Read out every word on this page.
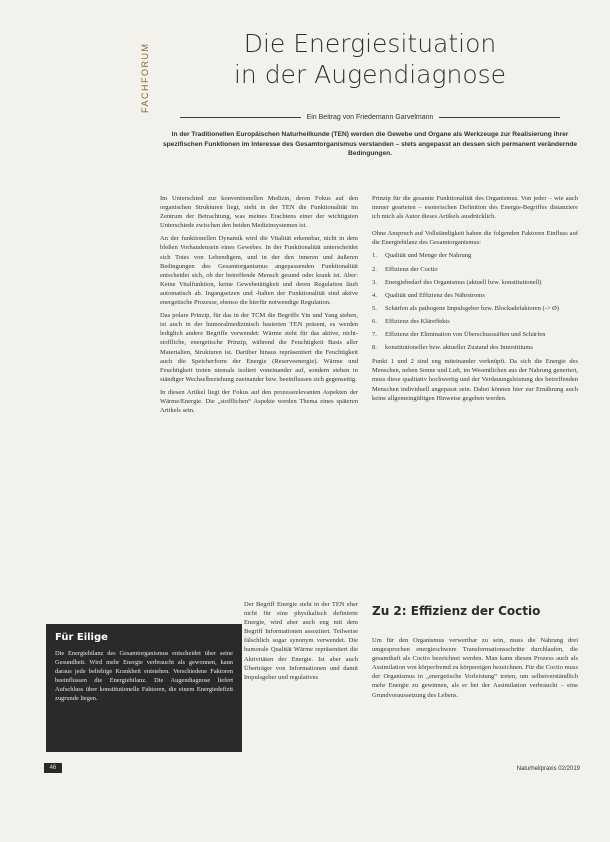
FACHFORUM	Die Energiesituation
in der Augendiagnose
Ein Beitrag von Friedemann Garvelmann
In der Traditionellen Europäischen Naturheilkunde (TEN) werden die Gewebe und Organe als Werkzeuge zur Realisierung ihrer spezifischen Funktionen im Interesse des Gesamtorganismus verstanden – stets angepasst an dessen sich permanent verändernde Bedingungen.

Im Unterschied zur konventionellen Medizin, deren Fokus auf den organischen Strukturen liegt, steht in der TEN die Funktionalität im Zentrum der Betrachtung, was meines Erachtens einer der wichtigsten Unterschiede zwischen den beiden Medizinsystemen ist.

An der funktionellen Dynamik wird die Vitalität erkennbar, nicht in dem bloßen Vorhandensein eines Gewebes. In der Funktionalität unterscheidet sich Totes von Lebendigem, und in der den inneren und äußeren Bedingungen des Gesamtorganismus angepassenden Funktionalität entscheidet sich, ob der betreffende Mensch gesund oder krank ist. Aber: Keine Vitalfunktion, keine Gewebetätigkeit und deren Regulation läuft automatisch ab. Ingangsetzen und -halten der Funktionalität sind aktive energetische Prozesse, ebenso die hierfür notwendige Regulation.

Das polare Prinzip, für das in der TCM die Begriffe Yin und Yang stehen, ist auch in der humoralmedizinisch basierten TEN präsent, es werden lediglich andere Begriffe verwendet: Wärme steht für das aktive, nicht-stoffliche, energetische Prinzip, während die Feuchtigkeit Basis aller Materialien, Strukturen ist. Darüber hinaus repräsentiert die Feuchtigkeit auch die Speicherform der Energie (Reserveenergie). Wärme und Feuchtigkeit treten niemals isoliert voneinander auf, sondern stehen in ständiger Wechselbeziehung zueinander bzw. beeinflussen sich gegenseitig.

In diesen Artikel liegt der Fokus auf den prozessrelevanten Aspekten der Wärme/Energie. Die „stofflichen“ Aspekte werden Thema eines späteren Artikels sein.

Der Begriff Energie steht in der TEN eher nicht für eine physikalisch definierte Energie, wird aber auch eng mit dem Begriff Informationen assoziiert. Teilweise fälschlich sogar synonym verwendet. Die humorale Qualität Wärme repräsentiert die Aktivitäten der Energie. Ist aber auch Überträger von Informationen und damit Impulsgeber und regulatives

Prinzip für die gesamte Funktionalität des Organismus. Von jeder – wie auch immer gearteten – esoterischen Definition des Energie-Begriffes distanziere ich mich als Autor dieses Artikels ausdrücklich.

Ohne Anspruch auf Vollständigkeit haben die folgenden Faktoren Einfluss auf die Energiebilanz des Gesamtorganismus:

1.	Qualität und Menge der Nahrung
2.	Effizienz der Coctio
3.	Energiebedarf des Organismus (aktuell bzw. konstitutionell)
4.	Qualität und Effizienz des Nährstroms
5.	Schärfen als pathogene Impulsgeber bzw. Blockadefaktoren (-> Ø)
6.	Effizienz des Kläreffekts
7.	Effizienz der Elimination von Überschusssäften und Schärfen
8.	konstitutioneller bzw. aktueller Zustand des Interstitiums

Punkt 1 und 2 sind eng miteinander verknüpft. Da sich die Energie des Menschen, neben Sonne und Luft, im Wesentlichen aus der Nahrung generiert, muss diese qualitativ hochwertig und der Verdauungsleistung des betreffenden Menschen individuell angepasst sein. Dabei können hier zur Ernährung auch keine allgemeingültigen Hinweise gegeben werden.

Zu 2: Effizienz der Coctio

Um für den Organismus verwertbar zu sein, muss die Nahrung drei umgesprochen energieschwere Transformationsschritte durchlaufen, die gesamthaft als Coctio bezeichnet werden. Man kann diesen Prozess auch als Assimilation von körperfremd zu körpereigen bezeichnen. Für die Coctio muss der Organismus in „energetische Vorleistung“ treten, um selbstverständlich mehr Energie zu gewinnen, als er bei der Assimilation verbraucht – eine Grundvoraussetzung des Lebens.

Für Eilige

Die Energiebilanz des Gesamtorganismus entscheidet über seine Gesundheit. Wird mehr Energie verbraucht als gewonnen, kann daraus jede beliebige Krankheit entstehen. Verschiedene Faktoren beeinflussen die Energiebilanz. Die Augendiagnose liefert Aufschluss über konstitutionelle Faktoren, die einem Energiedefizit zugrunde liegen.

46	Naturheilpraxis 02/2019
